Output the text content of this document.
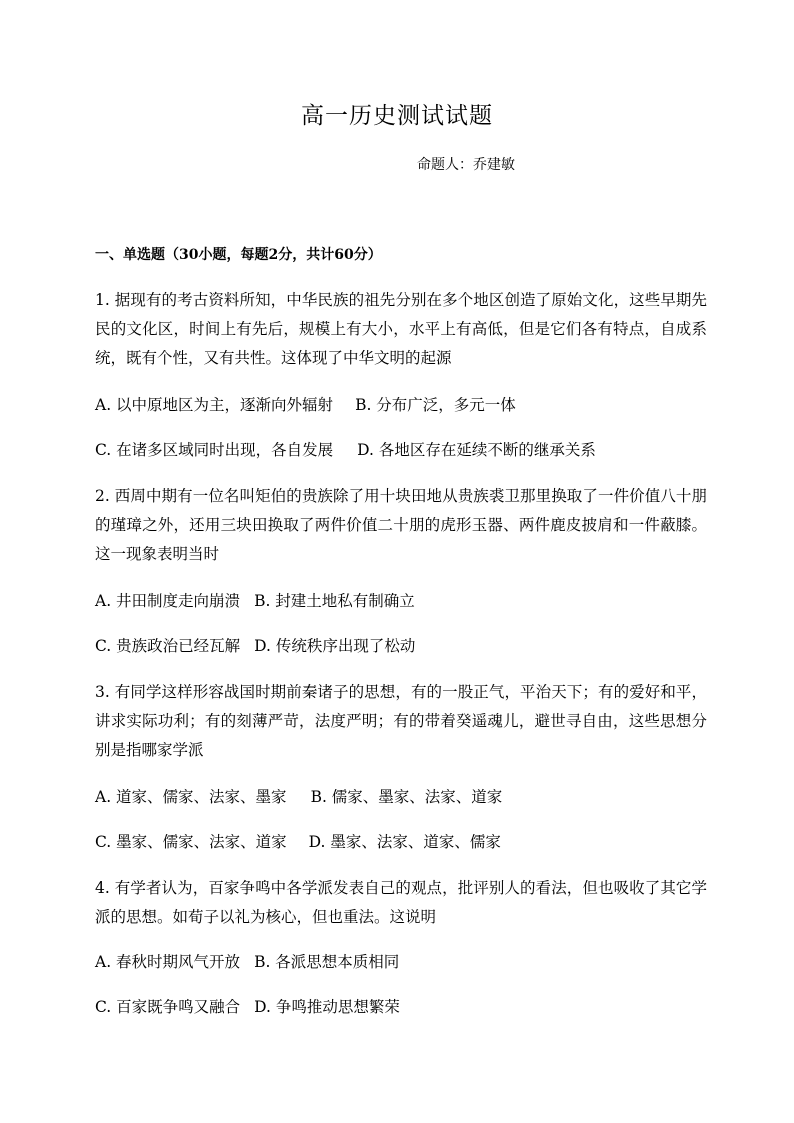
高一历史测试试题
命题人：乔建敏
一、单选题（30小题，每题2分，共计60分）
1. 据现有的考古资料所知，中华民族的祖先分别在多个地区创造了原始文化，这些早期先民的文化区，时间上有先后，规模上有大小，水平上有高低，但是它们各有特点，自成系统，既有个性，又有共性。这体现了中华文明的起源
A. 以中原地区为主，逐渐向外辐射 B. 分布广泛，多元一体
C. 在诸多区域同时出现，各自发展 D. 各地区存在延续不断的继承关系
2. 西周中期有一位名叫矩伯的贵族除了用十块田地从贵族裘卫那里换取了一件价值八十朋的瑾璋之外，还用三块田换取了两件价值二十朋的虎形玉器、两件鹿皮披肩和一件蔽膝。这一现象表明当时
A. 井田制度走向崩溃 B. 封建土地私有制确立
C. 贵族政治已经瓦解 D. 传统秩序出现了松动
3. 有同学这样形容战国时期前秦诸子的思想，有的一股正气，平治天下；有的爱好和平，讲求实际功利；有的刻薄严苛，法度严明；有的带着癸遥魂儿，避世寻自由，这些思想分别是指哪家学派
A. 道家、儒家、法家、墨家 B. 儒家、墨家、法家、道家
C. 墨家、儒家、法家、道家 D. 墨家、法家、道家、儒家
4. 有学者认为，百家争鸣中各学派发表自己的观点，批评别人的看法，但也吸收了其它学派的思想。如荀子以礼为核心，但也重法。这说明
A. 春秋时期风气开放 B. 各派思想本质相同
C. 百家既争鸣又融合 D. 争鸣推动思想繁荣
